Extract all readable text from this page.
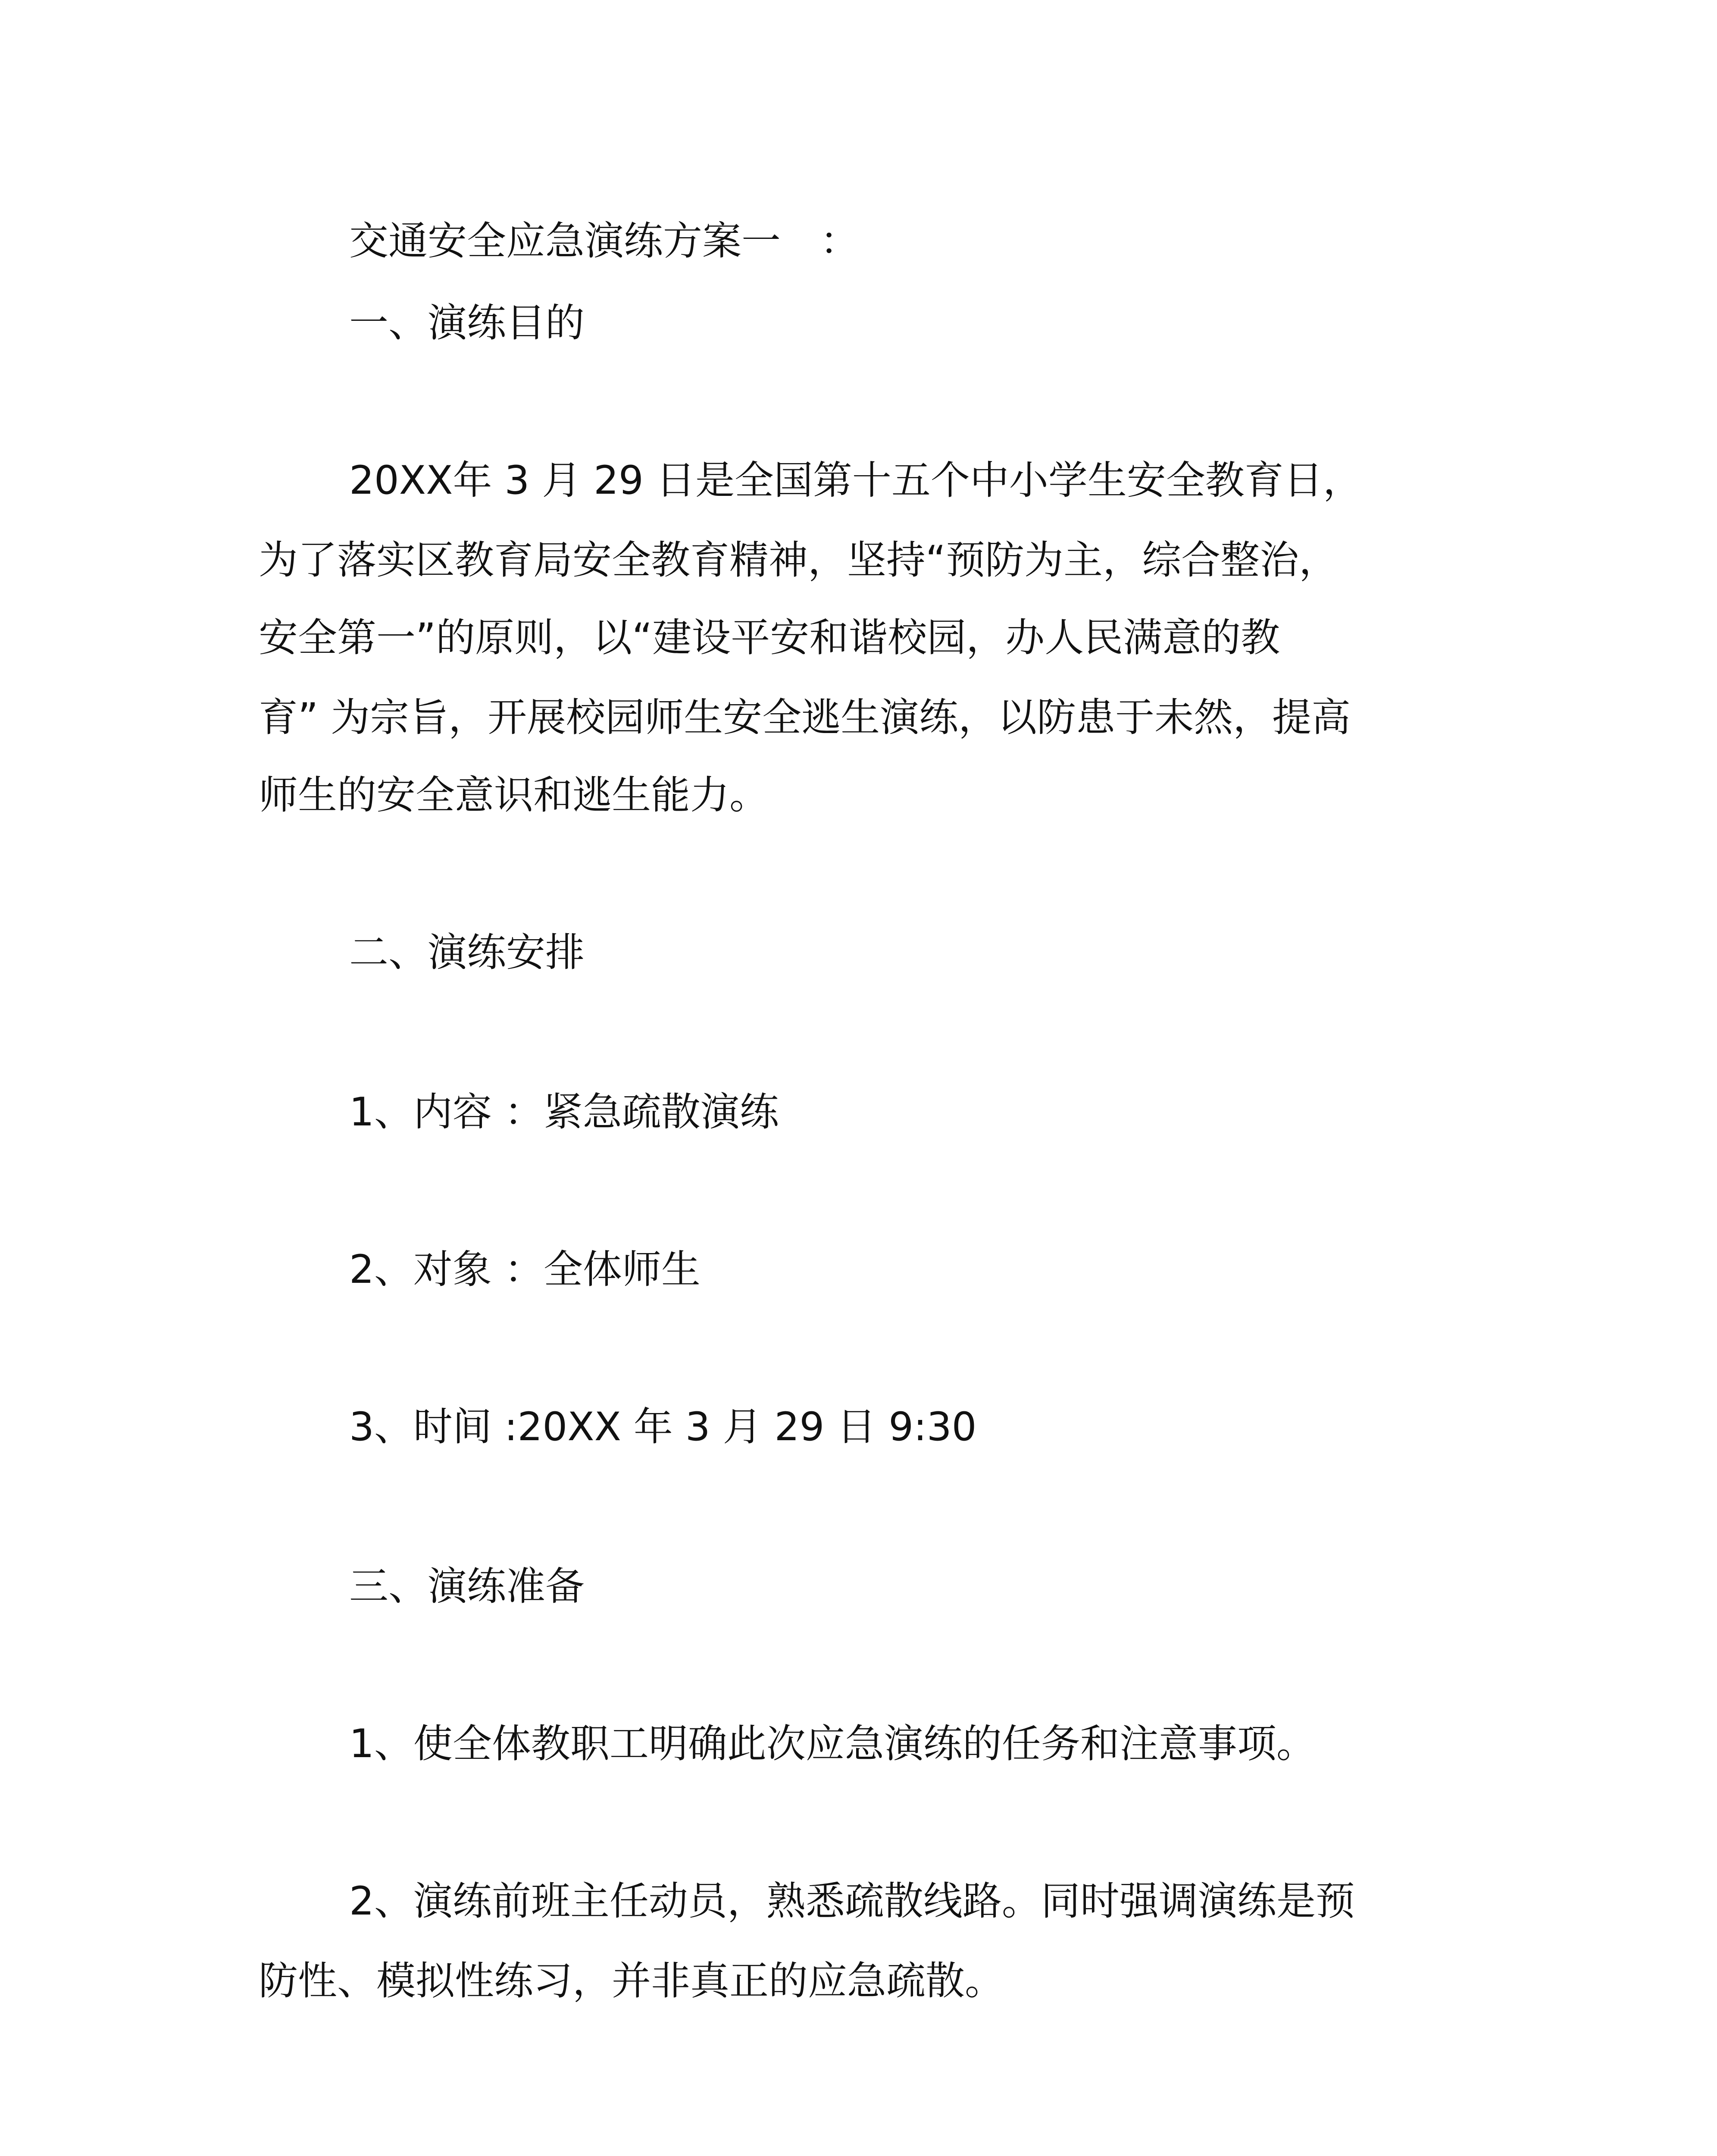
交通安全应急演练方案一　：
一、演练目的
20XX年 3 月 29 日是全国第十五个中小学生安全教育日，
为了落实区教育局安全教育精神，坚持“预防为主，综合整治，
安全第一”的原则，以“建设平安和谐校园，办人民满意的教
育” 为宗旨，开展校园师生安全逃生演练，以防患于未然，提高
师生的安全意识和逃生能力。
二、演练安排
1、内容 ：紧急疏散演练
2、对象 ：全体师生
3、时间 :20XX 年 3 月 29 日 9:30
三、演练准备
1、使全体教职工明确此次应急演练的任务和注意事项。
2、演练前班主任动员，熟悉疏散线路。同时强调演练是预
防性、模拟性练习，并非真正的应急疏散。
